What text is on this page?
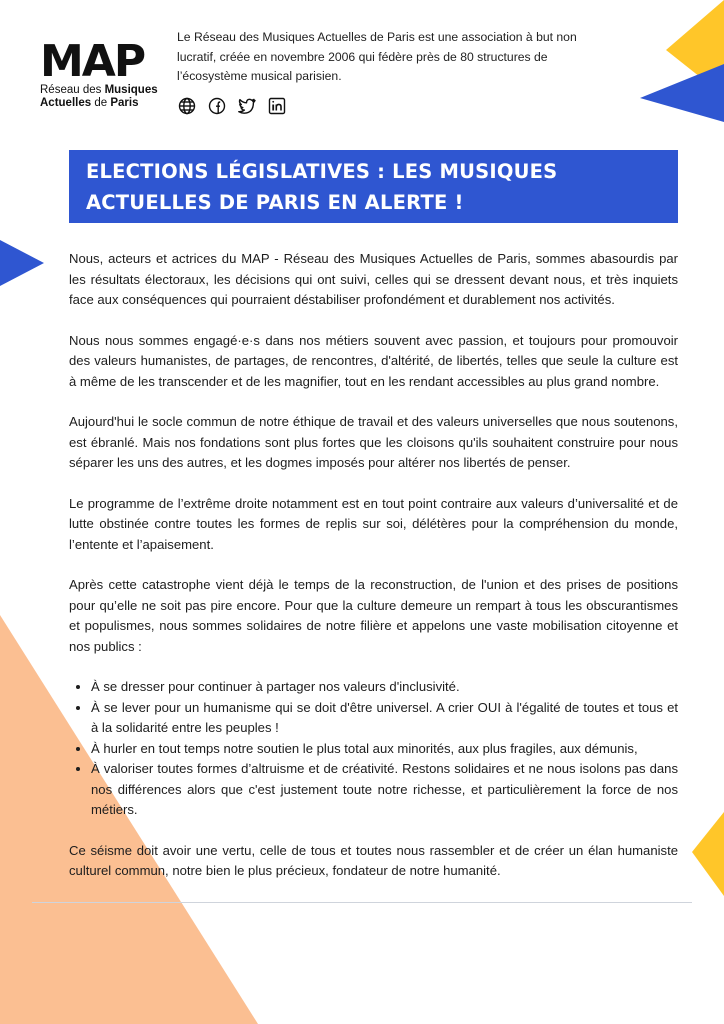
MAP
Réseau des Musiques
Actuelles de Paris
Le Réseau des Musiques Actuelles de Paris est une association à but non lucratif, créée en novembre 2006 qui fédère près de 80 structures de l’écosystème musical parisien.
ELECTIONS LÉGISLATIVES : LES MUSIQUES
ACTUELLES DE PARIS EN ALERTE !

Nous, acteurs et actrices du MAP - Réseau des Musiques Actuelles de Paris, sommes abasourdis par les résultats électoraux, les décisions qui ont suivi, celles qui se dressent devant nous, et très inquiets face aux conséquences qui pourraient déstabiliser profondément et durablement nos activités.

Nous nous sommes engagé·e·s dans nos métiers souvent avec passion, et toujours pour promouvoir des valeurs humanistes, de partages, de rencontres, d'altérité, de libertés, telles que seule la culture est à même de les transcender et de les magnifier, tout en les rendant accessibles au plus grand nombre.

Aujourd'hui le socle commun de notre éthique de travail et des valeurs universelles que nous soutenons, est ébranlé. Mais nos fondations sont plus fortes que les cloisons qu'ils souhaitent construire pour nous séparer les uns des autres, et les dogmes imposés pour altérer nos libertés de penser.

Le programme de l’extrême droite notamment est en tout point contraire aux valeurs d’universalité et de lutte obstinée contre toutes les formes de replis sur soi, délétères pour la compréhension du monde, l’entente et l’apaisement.

Après cette catastrophe vient déjà le temps de la reconstruction, de l'union et des prises de positions pour qu’elle ne soit pas pire encore. Pour que la culture demeure un rempart à tous les obscurantismes et populismes, nous sommes solidaires de notre filière et appelons une vaste mobilisation citoyenne et nos publics :

• À se dresser pour continuer à partager nos valeurs d'inclusivité.
• À se lever pour un humanisme qui se doit d'être universel. A crier OUI à l'égalité de toutes et tous et à la solidarité entre les peuples !
• À hurler en tout temps notre soutien le plus total aux minorités, aux plus fragiles, aux démunis,
• À valoriser toutes formes d’altruisme et de créativité. Restons solidaires et ne nous isolons pas dans nos différences alors que c'est justement toute notre richesse, et particulièrement la force de nos métiers.

Ce séisme doit avoir une vertu, celle de tous et toutes nous rassembler et de créer un élan humaniste culturel commun, notre bien le plus précieux, fondateur de notre humanité.
